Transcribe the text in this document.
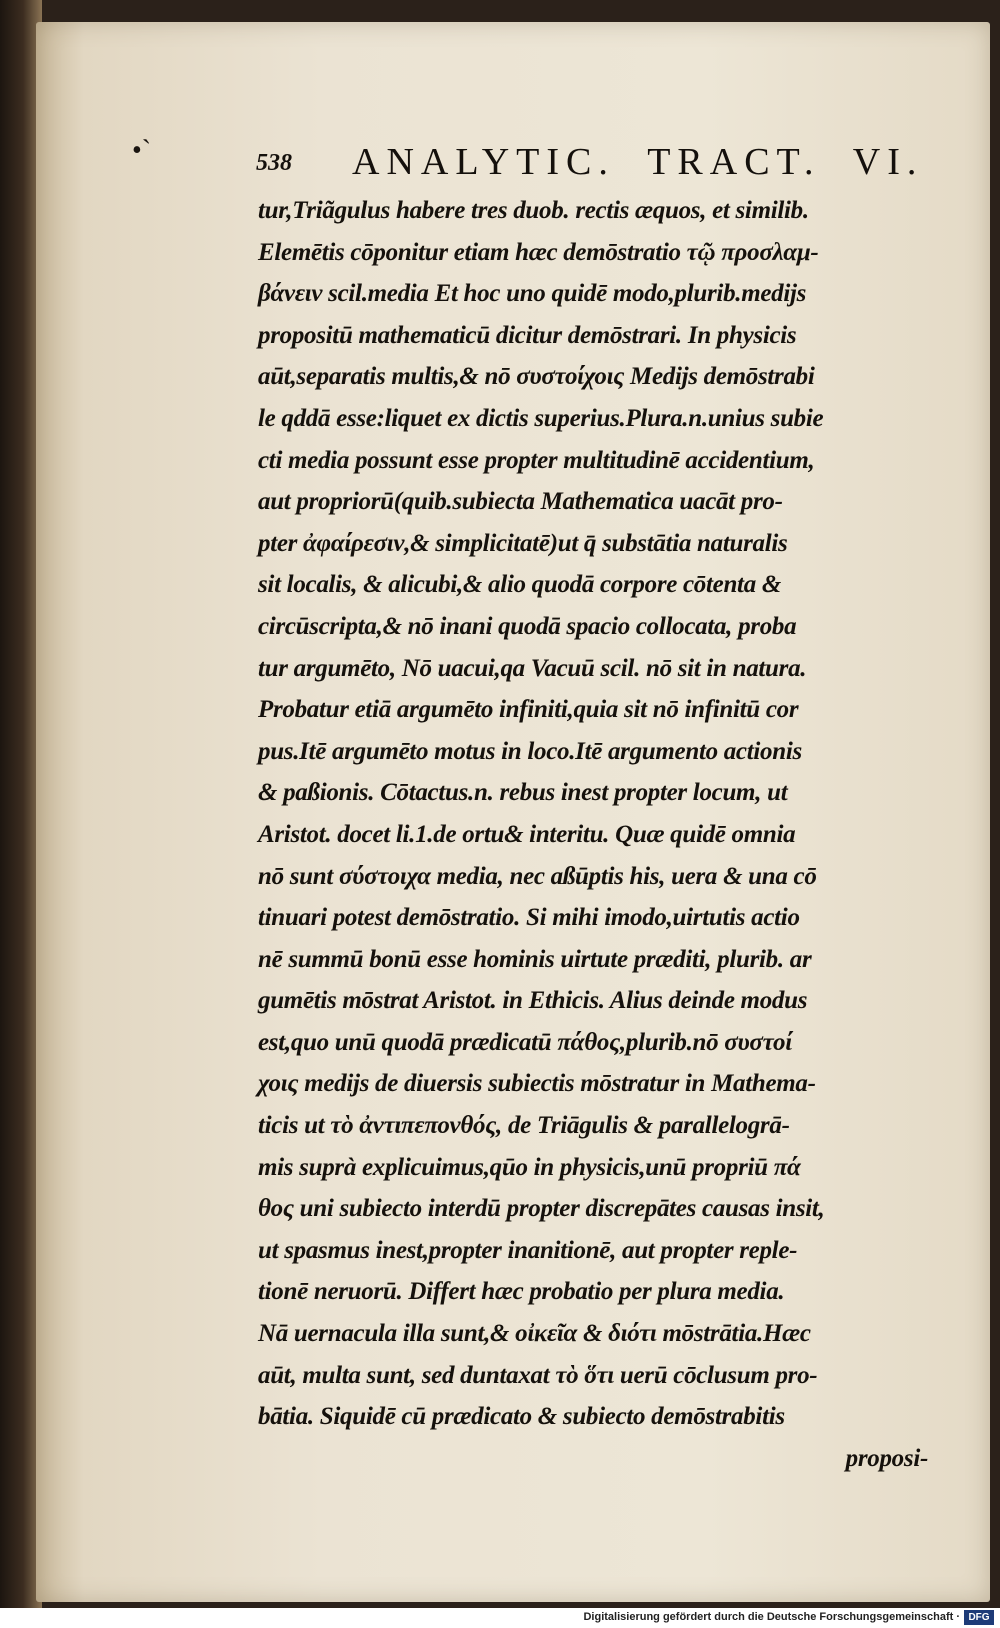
•`	538 ANALYTIC.  TRACT.  VI.
tur,Triãgulus habere tres duob. rectis æquos, et similib.
Elemētis cōponitur etiam hæc demōstratio τῷ προσλαμ-
βάνειν scil.media Et hoc uno quidē modo,plurib.medijs
propositū mathematicū dicitur demōstrari. In physicis
aūt,separatis multis,& nō συστοίχοις Medijs demōstrabi
le qddā esse:liquet ex dictis superius.Plura.n.unius subie
cti media possunt esse propter multitudinē accidentium,
aut propriorū(quib.subiecta Mathematica uacāt pro-
pter ἀφαίρεσιν,& simplicitatē)ut q̄ substātia naturalis
sit localis, & alicubi,& alio quodā corpore cōtenta &
circūscripta,& nō inani quodā spacio collocata, proba
tur argumēto, Nō uacui,qa Vacuū scil. nō sit in natura.
Probatur etiā argumēto infiniti,quia sit nō infinitū cor
pus.Itē argumēto motus in loco.Itē argumento actionis
& paßionis. Cōtactus.n. rebus inest propter locum, ut
Aristot. docet li.1.de ortu& interitu. Quæ quidē omnia
nō sunt σύστοιχα media, nec aßūptis his, uera & una cō
tinuari potest demōstratio. Si mihi imodo,uirtutis actio
nē summū bonū esse hominis uirtute præditi, plurib. ar
gumētis mōstrat Aristot. in Ethicis. Alius deinde modus
est,quo unū quodā prædicatū πάθος,plurib.nō συστοί
χοις medijs de diuersis subiectis mōstratur in Mathema-
ticis ut τὸ ἀντιπεπονθός, de Triāgulis & parallelogrā-
mis suprà explicuimus,qūo in physicis,unū propriū πά
θος uni subiecto interdū propter discrepātes causas insit,
ut spasmus inest,propter inanitionē, aut propter reple-
tionē neruorū. Differt hæc probatio per plura media.
Nā uernacula illa sunt,& οἰκεῖα & διότι mōstrātia.Hæc
aūt, multa sunt, sed duntaxat τὸ ὅτι uerū cōclusum pro-
bātia. Siquidē cū prædicato & subiecto demōstrabitis
proposi-
Digitalisierung gefördert durch die Deutsche Forschungsgemeinschaft · DFG
